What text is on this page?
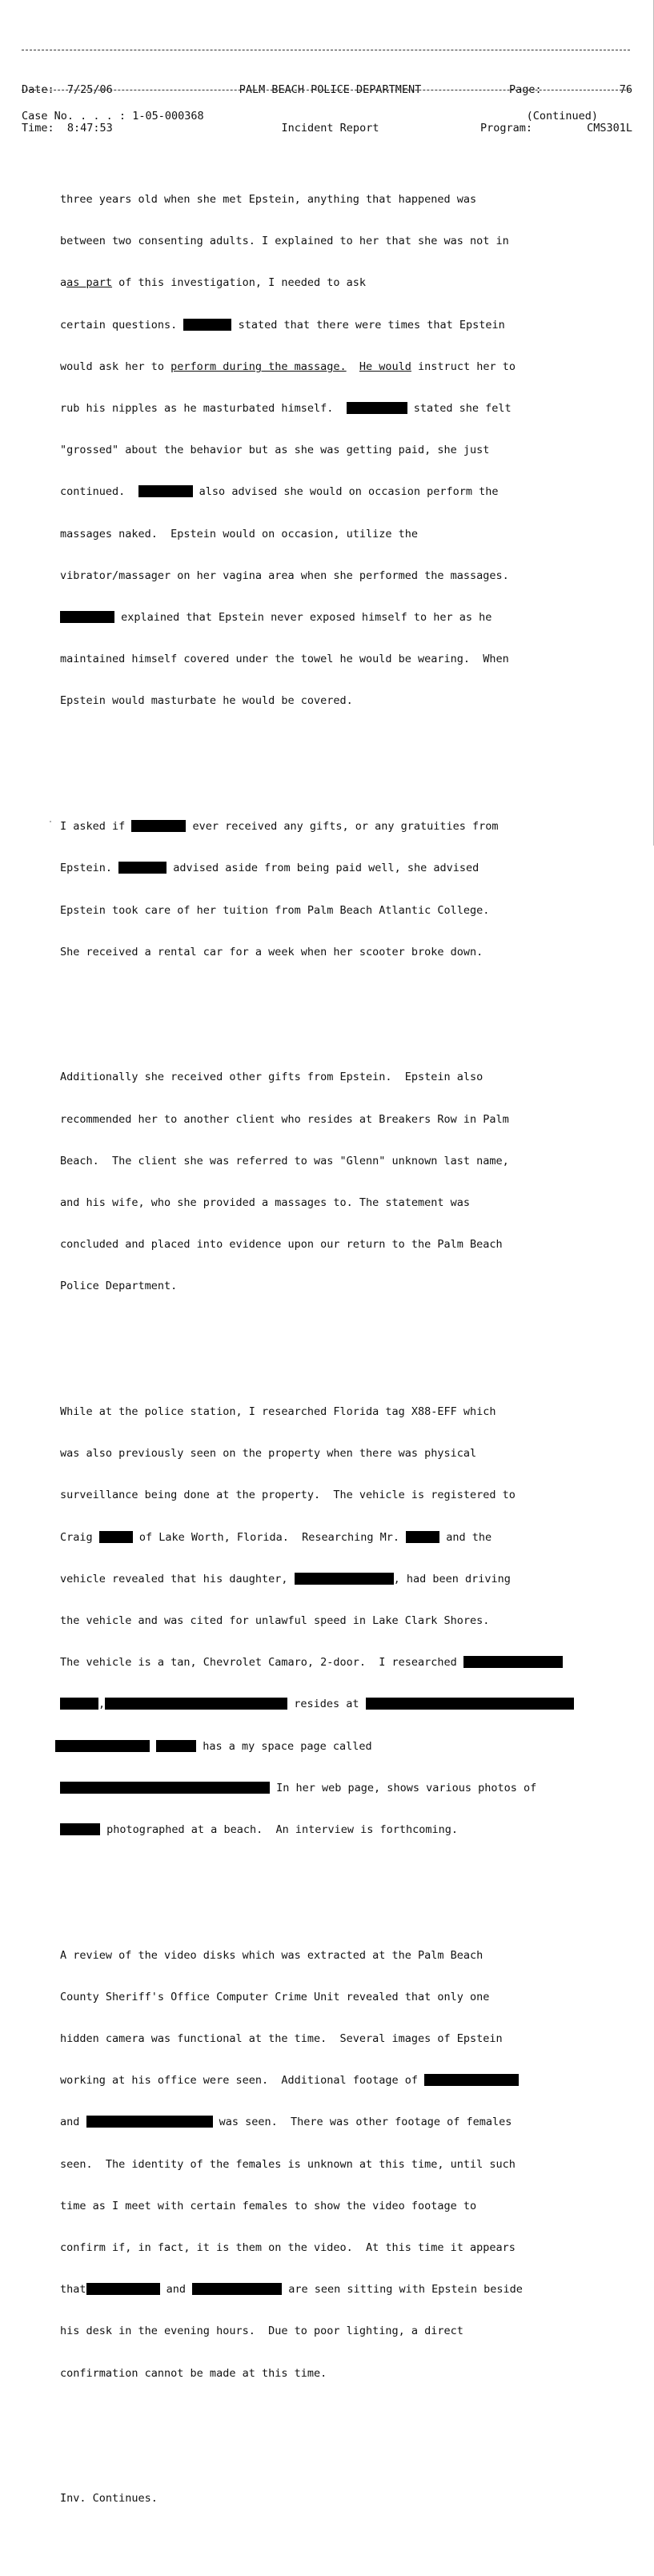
Date: 7/25/06

Time: 8:47:53

PALM BEACH POLICE DEPARTMENT

Incident Report

Page:	76

Program:	CMS301L

Case No. . . . : 1-05-000368	(Continued)

three years old when she met Epstein, anything that happened was

between two consenting adults. I explained to her that she was not in

aas part of this investigation, I needed to ask

certain questions.	stated that there were times that Epstein

would ask her to perform during the massage. He would instruct her to

rub his nipples as he masturbated himself.	stated she felt

"grossed" about the behavior but as she was getting paid, she just

continued.	also advised she would on occasion perform the

massages naked.  Epstein would on occasion, utilize the

vibrator/massager on her vagina area when she performed the massages.

explained that Epstein never exposed himself to her as he

maintained himself covered under the towel he would be wearing.  When

Epstein would masturbate he would be covered.

I asked if	ever received any gifts, or any gratuities from

Epstein.	advised aside from being paid well, she advised

Epstein took care of her tuition from Palm Beach Atlantic College.

She received a rental car for a week when her scooter broke down.

Additionally she received other gifts from Epstein.  Epstein also

recommended her to another client who resides at Breakers Row in Palm

Beach.  The client she was referred to was "Glenn" unknown last name,

and his wife, who she provided a massages to. The statement was

concluded and placed into evidence upon our return to the Palm Beach

Police Department.

While at the police station, I researched Florida tag X88-EFF which

was also previously seen on the property when there was physical

surveillance being done at the property.  The vehicle is registered to

Craig	of Lake Worth, Florida.  Researching Mr.	and the

vehicle revealed that his daughter,	, had been driving

the vehicle and was cited for unlawful speed in Lake Clark Shores.

The vehicle is a tan, Chevrolet Camaro, 2-door.  I researched

,	resides at

has a my space page called

In her web page, shows various photos of

photographed at a beach.  An interview is forthcoming.

A review of the video disks which was extracted at the Palm Beach

County Sheriff's Office Computer Crime Unit revealed that only one

hidden camera was functional at the time.  Several images of Epstein

working at his office were seen.  Additional footage of

and	was seen.  There was other footage of females

seen.  The identity of the females is unknown at this time, until such

time as I meet with certain females to show the video footage to

confirm if, in fact, it is them on the video.  At this time it appears

that	and	are seen sitting with Epstein beside

his desk in the evening hours.  Due to poor lighting, a direct

confirmation cannot be made at this time.

Inv. Continues.
